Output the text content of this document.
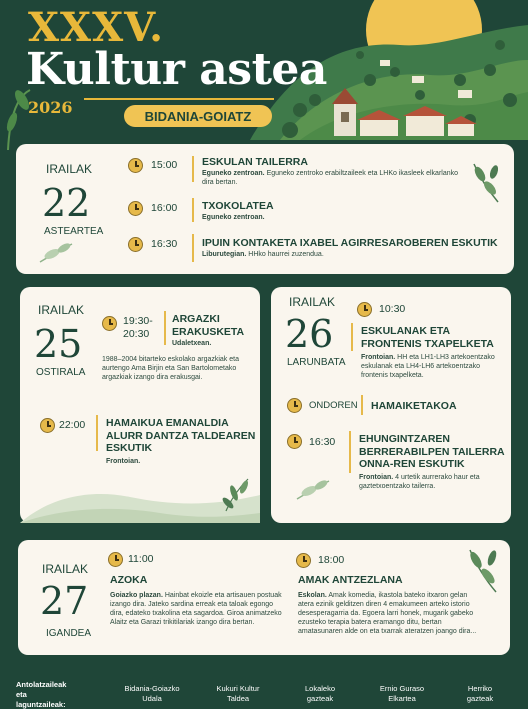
XXXV.
Kultur astea
2026	BIDANIA-GOIATZ
IRAILAK
22
ASTEARTEA
15:00 ESKULAN TAILERRA
Eguneko zentroan. Eguneko zentroko erabiltzaileek eta LHKo ikasleek elkarlanko dira bertan.
16:00 TXOKOLATEA
Eguneko zentroan.
16:30 IPUIN KONTAKETA IXABEL AGIRRESAROBEREN ESKUTIK
Liburutegian. HHko haurrei zuzendua.
IRAILAK
25
OSTIRALA
19:30-
20:30
ARGAZKI
ERAKUSKETA
Udaletxean.
1988–2004 bitarteko eskolako argazkiak eta aurtengo Ama Birjin eta San Bartolometako argazkiak izango dira erakusgai.
22:00 HAMAIKUA EMANALDIA
ALURR DANTZA TALDEAREN
ESKUTIK
Frontoian.
IRAILAK
26
LARUNBATA
10:30
ESKULANAK ETA
FRONTENIS TXAPELKETA
Frontoian. HH eta LH1-LH3 artekoentzako eskulanak eta LH4-LH6 artekoentzako frontenis txapelketa.
ONDOREN HAMAIKETAKOA
16:30 EHUNGINTZAREN
BERRERABILPEN TAILERRA
ONNA-REN ESKUTIK
Frontoian. 4 urtetik aurrerako haur eta gaztetxoentzako tailerra.
IRAILAK
27
IGANDEA
11:00
AZOKA
Goiazko plazan. Hainbat ekoizle eta artisauen postuak izango dira. Jateko sardina erreak eta taloak egongo dira, edateko txakolina eta sagardoa. Giroa animatzeko Alaitz eta Garazi trikitilariak izango dira bertan.
18:00
AMAK ANTZEZLANA
Eskolan. Amak komedia, ikastola bateko itxaron gelan atera ezinik gelditzen diren 4 emakumeen arteko istorio desesperagarria da. Egoera larri honek, mugarik gabeko ezusteko terapia batera eramango ditu, bertan amatasunaren alde on eta txarrak ateratzen joango dira...
Antolatzaileak
eta
laguntzaileak:
Bidania-Goiazko
Udala
Kukuri Kultur
Taldea
Lokaleko
gazteak
Ernio Guraso
Elkartea
Herriko
gazteak
